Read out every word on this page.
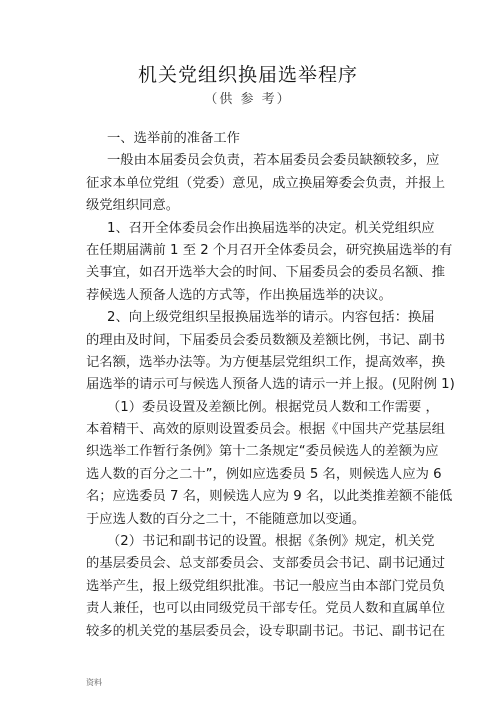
机关党组织换届选举程序
（供 参 考）
一、选举前的准备工作
一般由本届委员会负责，若本届委员会委员缺额较多，应
征求本单位党组（党委）意见，成立换届筹委会负责，并报上
级党组织同意。
1、召开全体委员会作出换届选举的决定。机关党组织应
在任期届满前 1 至 2 个月召开全体委员会，研究换届选举的有
关事宜，如召开选举大会的时间、下届委员会的委员名额、推
荐候选人预备人选的方式等，作出换届选举的决议。
2、向上级党组织呈报换届选举的请示。内容包括：换届
的理由及时间，下届委员会委员数额及差额比例，书记、副书
记名额，选举办法等。为方便基层党组织工作，提高效率，换
届选举的请示可与候选人预备人选的请示一并上报。(见附例 1)
（1）委员设置及差额比例。根据党员人数和工作需要 ，
本着精干、高效的原则设置委员会。根据《中国共产党基层组
织选举工作暂行条例》第十二条规定“委员候选人的差额为应
选人数的百分之二十”，例如应选委员 5 名，则候选人应为 6
名；应选委员 7 名，则候选人应为 9 名，以此类推差额不能低
于应选人数的百分之二十，不能随意加以变通。
（2）书记和副书记的设置。根据《条例》规定，机关党
的基层委员会、总支部委员会、支部委员会书记、副书记通过
选举产生，报上级党组织批准。书记一般应当由本部门党员负
责人兼任，也可以由同级党员干部专任。党员人数和直属单位
较多的机关党的基层委员会，设专职副书记。书记、副书记在
资料
